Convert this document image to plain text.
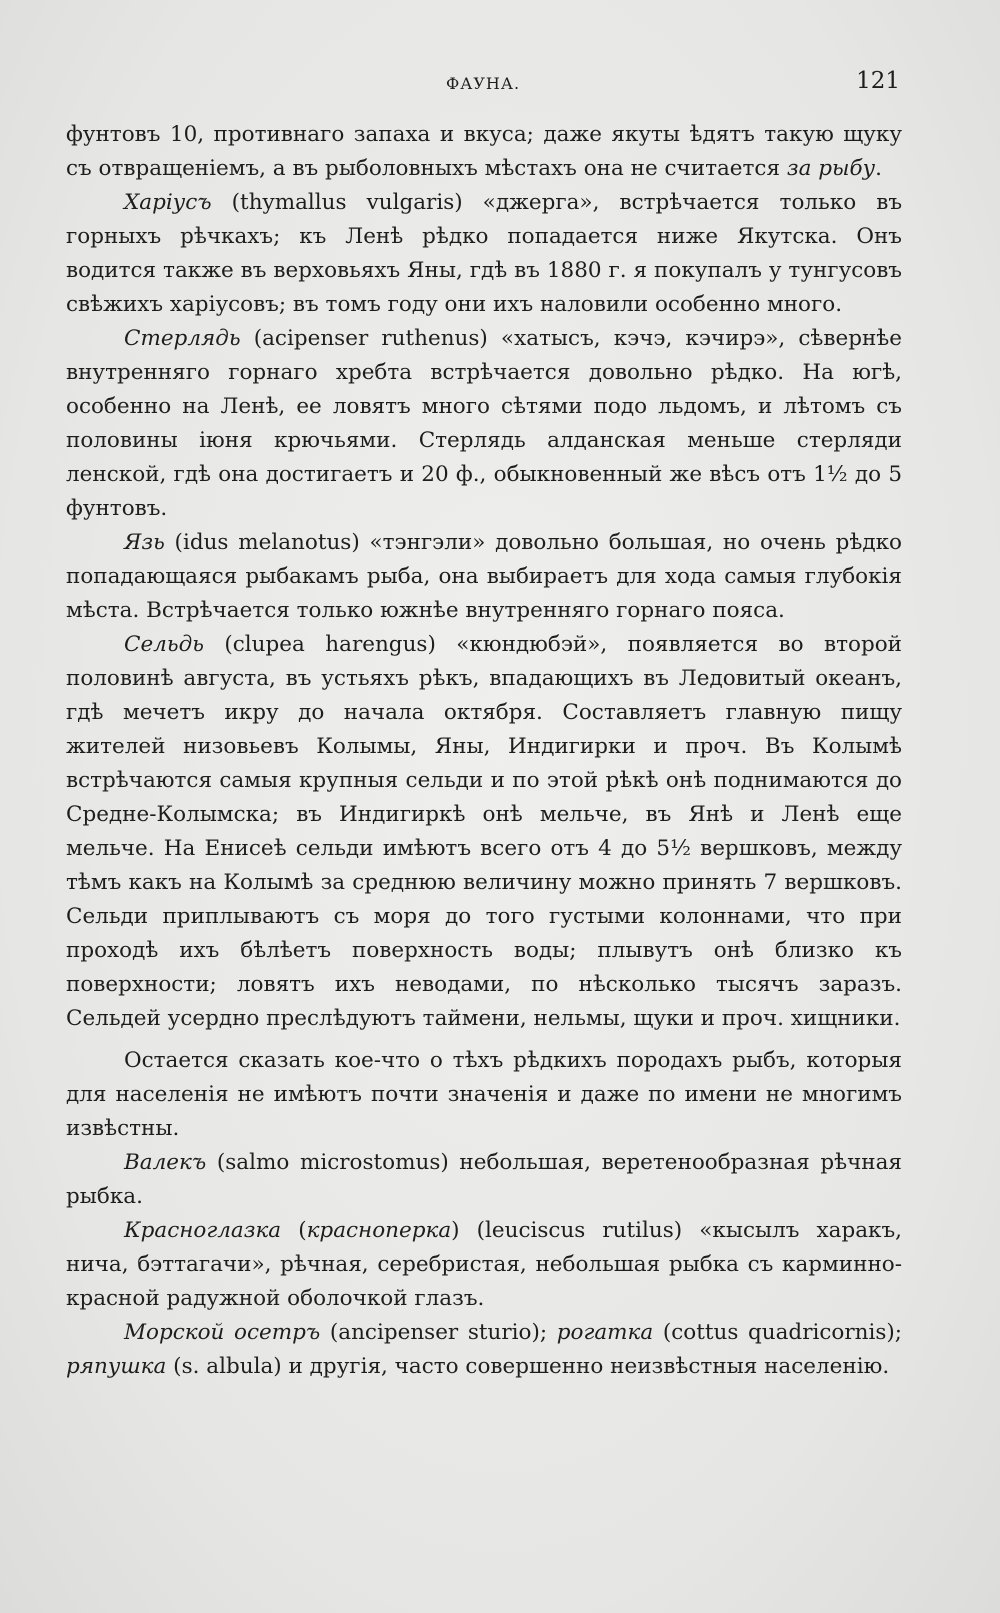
ФАУНА.	121

фунтовъ 10, противнаго запаха и вкуса; даже якуты ѣдятъ такую щуку съ отвращеніемъ, а въ рыболовныхъ мѣстахъ она не считается за рыбу.

Харіусъ (thymallus vulgaris) «джерга», встрѣчается только въ горныхъ рѣчкахъ; къ Ленѣ рѣдко попадается ниже Якутска. Онъ водится также въ верховьяхъ Яны, гдѣ въ 1880 г. я покупалъ у тунгусовъ свѣжихъ харіусовъ; въ томъ году они ихъ наловили особенно много.

Стерлядь (acipenser ruthenus) «хатысъ, кэчэ, кэчирэ», сѣвернѣе внутренняго горнаго хребта встрѣчается довольно рѣдко. На югѣ, особенно на Ленѣ, ее ловятъ много сѣтями подо льдомъ, и лѣтомъ съ половины іюня крючьями. Стерлядь алданская меньше стерляди ленской, гдѣ она достигаетъ и 20 ф., обыкновенный же вѣсъ отъ 1½ до 5 фунтовъ.

Язь (idus melanotus) «тэнгэли» довольно большая, но очень рѣдко попадающаяся рыбакамъ рыба, она выбираетъ для хода самыя глубокія мѣста. Встрѣчается только южнѣе внутренняго горнаго пояса.

Сельдь (clupea harengus) «кюндюбэй», появляется во второй половинѣ августа, въ устьяхъ рѣкъ, впадающихъ въ Ледовитый океанъ, гдѣ мечетъ икру до начала октября. Составляетъ главную пищу жителей низовьевъ Колымы, Яны, Индигирки и проч. Въ Колымѣ встрѣчаются самыя крупныя сельди и по этой рѣкѣ онѣ поднимаются до Средне-Колымска; въ Индигиркѣ онѣ мельче, въ Янѣ и Ленѣ еще мельче. На Енисеѣ сельди имѣютъ всего отъ 4 до 5½ вершковъ, между тѣмъ какъ на Колымѣ за среднюю величину можно принять 7 вершковъ. Сельди приплываютъ съ моря до того густыми колоннами, что при проходѣ ихъ бѣлѣетъ поверхность воды; плывутъ онѣ близко къ поверхности; ловятъ ихъ неводами, по нѣсколько тысячъ заразъ. Сельдей усердно преслѣдуютъ таймени, нельмы, щуки и проч. хищники.

Остается сказать кое-что о тѣхъ рѣдкихъ породахъ рыбъ, которыя для населенія не имѣютъ почти значенія и даже по имени не многимъ извѣстны.

Валекъ (salmo microstomus) небольшая, веретенообразная рѣчная рыбка.

Красноглазка (краснoперка) (leuciscus rutilus) «кысылъ харакъ, нича, бэттагачи», рѣчная, серебристая, небольшая рыбка съ карминно-красной радужной оболочкой глазъ.

Морской осетръ (ancipenser sturio); рогатка (cottus quadricornis); ряпушка (s. albula) и другія, часто совершенно неизвѣстныя населенію.
